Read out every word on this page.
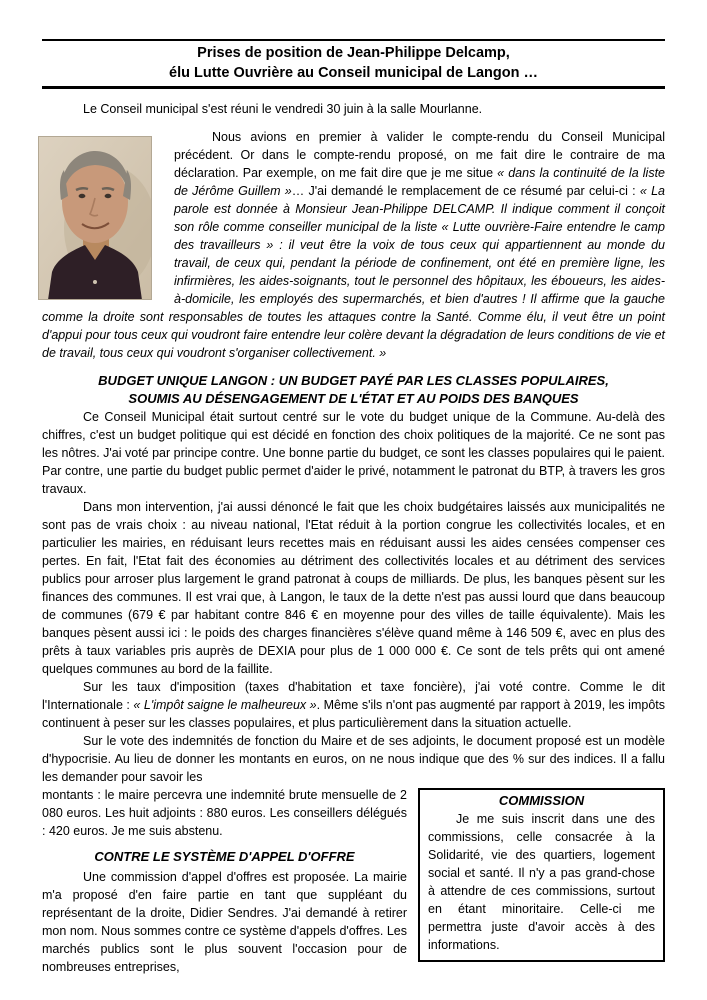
Prises de position de Jean-Philippe Delcamp,
élu Lutte Ouvrière au Conseil municipal de Langon …

Le Conseil municipal s'est réuni le vendredi 30 juin à la salle Mourlanne.

Nous avions en premier à valider le compte-rendu du Conseil Municipal précédent. Or dans le compte-rendu proposé, on me fait dire le contraire de ma déclaration. Par exemple, on me fait dire que je me situe « dans la continuité de la liste de Jérôme Guillem »… J'ai demandé le remplacement de ce résumé par celui-ci : « La parole est donnée à Monsieur Jean-Philippe DELCAMP. Il indique comment il conçoit son rôle comme conseiller municipal de la liste « Lutte ouvrière-Faire entendre le camp des travailleurs » : il veut être la voix de tous ceux qui appartiennent au monde du travail, de ceux qui, pendant la période de confinement, ont été en première ligne, les infirmières, les aides-soignants, tout le personnel des hôpitaux, les éboueurs, les aides-à-domicile, les employés des supermarchés, et bien d'autres ! Il affirme que la gauche comme la droite sont responsables de toutes les attaques contre la Santé. Comme élu, il veut être un point d'appui pour tous ceux qui voudront faire entendre leur colère devant la dégradation de leurs conditions de vie et de travail, tous ceux qui voudront s'organiser collectivement. »

BUDGET UNIQUE LANGON : UN BUDGET PAYÉ PAR LES CLASSES POPULAIRES,
SOUMIS AU DÉSENGAGEMENT DE L'ÉTAT ET AU POIDS DES BANQUES

Ce Conseil Municipal était surtout centré sur le vote du budget unique de la Commune. Au-delà des chiffres, c'est un budget politique qui est décidé en fonction des choix politiques de la majorité. Ce ne sont pas les nôtres. J'ai voté par principe contre. Une bonne partie du budget, ce sont les classes populaires qui le paient. Par contre, une partie du budget public permet d'aider le privé, notamment le patronat du BTP, à travers les gros travaux.

Dans mon intervention, j'ai aussi dénoncé le fait que les choix budgétaires laissés aux municipalités ne sont pas de vrais choix : au niveau national, l'Etat réduit à la portion congrue les collectivités locales, et en particulier les mairies, en réduisant leurs recettes mais en réduisant aussi les aides censées compenser ces pertes. En fait, l'Etat fait des économies au détriment des collectivités locales et au détriment des services publics pour arroser plus largement le grand patronat à coups de milliards. De plus, les banques pèsent sur les finances des communes. Il est vrai que, à Langon, le taux de la dette n'est pas aussi lourd que dans beaucoup de communes (679 € par habitant contre 846 € en moyenne pour des villes de taille équivalente). Mais les banques pèsent aussi ici : le poids des charges financières s'élève quand même à 146 509 €, avec en plus des prêts à taux variables pris auprès de DEXIA pour plus de 1 000 000 €. Ce sont de tels prêts qui ont amené quelques communes au bord de la faillite.

Sur les taux d'imposition (taxes d'habitation et taxe foncière), j'ai voté contre. Comme le dit l'Internationale : « L'impôt saigne le malheureux ». Même s'ils n'ont pas augmenté par rapport à 2019, les impôts continuent à peser sur les classes populaires, et plus particulièrement dans la situation actuelle.

Sur le vote des indemnités de fonction du Maire et de ses adjoints, le document proposé est un modèle d'hypocrisie. Au lieu de donner les montants en euros, on ne nous indique que des % sur des indices. Il a fallu les demander pour savoir les

COMMISSION
Je me suis inscrit dans une des commissions, celle consacrée à la Solidarité, vie des quartiers, logement social et santé. Il n'y a pas grand-chose à attendre de ces commissions, surtout en étant minoritaire. Celle-ci me permettra juste d'avoir accès à des informations.

montants : le maire percevra une indemnité brute mensuelle de 2 080 euros. Les huit adjoints : 880 euros. Les conseillers délégués : 420 euros. Je me suis abstenu.

CONTRE LE SYSTÈME D'APPEL D'OFFRE

Une commission d'appel d'offres est proposée. La mairie m'a proposé d'en faire partie en tant que suppléant du représentant de la droite, Didier Sendres. J'ai demandé à retirer mon nom. Nous sommes contre ce système d'appels d'offres. Les marchés publics sont le plus souvent l'occasion pour de nombreuses entreprises,
